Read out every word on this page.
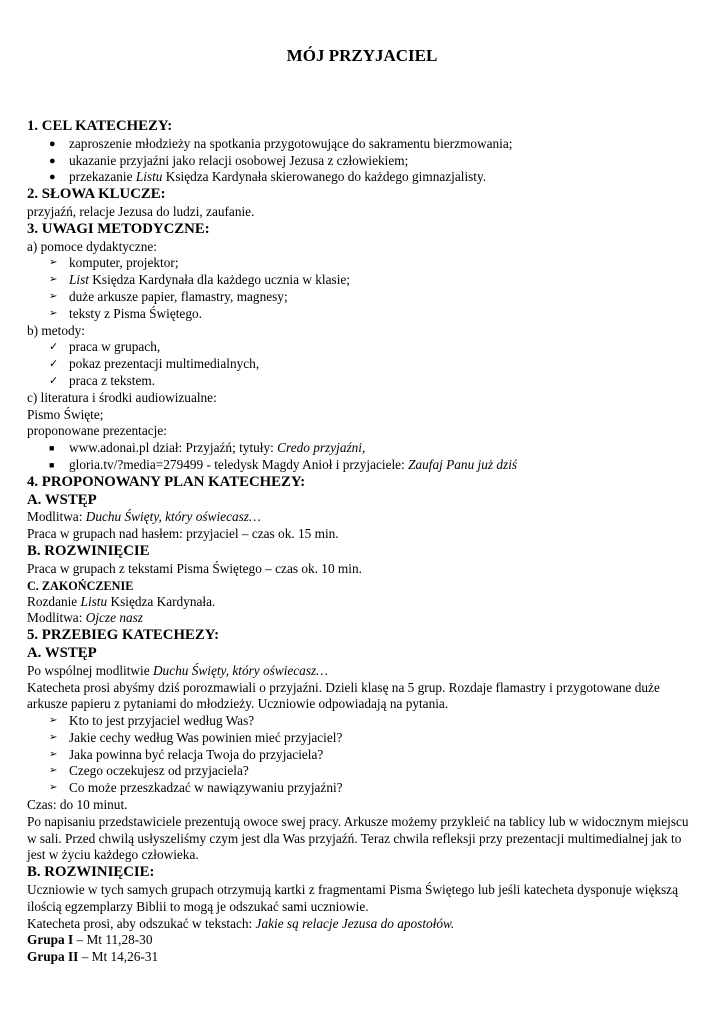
MÓJ PRZYJACIEL
1. CEL KATECHEZY:
●	zaproszenie młodzieży na spotkania przygotowujące do sakramentu bierzmowania;
●	ukazanie przyjaźni jako relacji osobowej Jezusa z człowiekiem;
●	przekazanie Listu Księdza Kardynała skierowanego do każdego gimnazjalisty.
2. SŁOWA KLUCZE:
przyjaźń, relacje Jezusa do ludzi, zaufanie.
3. UWAGI METODYCZNE:
a) pomoce dydaktyczne:
➢ komputer, projektor;
➢ List Księdza Kardynała dla każdego ucznia w klasie;
➢ duże arkusze papier, flamastry, magnesy;
➢ teksty z Pisma Świętego.
b) metody:
✓ praca w grupach,
✓ pokaz prezentacji multimedialnych,
✓ praca z tekstem.
c) literatura i środki audiowizualne:
Pismo Święte;
proponowane prezentacje:
■	www.adonai.pl dział: Przyjaźń; tytuły: Credo przyjaźni,
■	gloria.tv/?media=279499 - teledysk Magdy Anioł i przyjaciele: Zaufaj Panu już dziś
4. PROPONOWANY PLAN KATECHEZY:
A. WSTĘP
Modlitwa: Duchu Święty, który oświecasz…
Praca w grupach nad hasłem: przyjaciel – czas ok. 15 min.
B. ROZWINIĘCIE
Praca w grupach z tekstami Pisma Świętego – czas ok. 10 min.
C. ZAKOŃCZENIE
Rozdanie Listu Księdza Kardynała.
Modlitwa: Ojcze nasz
5. PRZEBIEG KATECHEZY:
A. WSTĘP
Po wspólnej modlitwie Duchu Święty, który oświecasz…
Katecheta prosi abyśmy dziś porozmawiali o przyjaźni. Dzieli klasę na 5 grup. Rozdaje flamastry i przygotowane duże arkusze papieru z pytaniami do młodzieży. Uczniowie odpowiadają na pytania.
➢ Kto to jest przyjaciel według Was?
➢ Jakie cechy według Was powinien mieć przyjaciel?
➢ Jaka powinna być relacja Twoja do przyjaciela?
➢ Czego oczekujesz od przyjaciela?
➢ Co może przeszkadzać w nawiązywaniu przyjaźni?
Czas: do 10 minut.
Po napisaniu przedstawiciele prezentują owoce swej pracy. Arkusze możemy przykleić na tablicy lub w widocznym miejscu w sali. Przed chwilą usłyszeliśmy czym jest dla Was przyjaźń. Teraz chwila refleksji przy prezentacji multimedialnej jak to jest w życiu każdego człowieka.
B. ROZWINIĘCIE:
Uczniowie w tych samych grupach otrzymują kartki z fragmentami Pisma Świętego lub jeśli katecheta dysponuje większą ilością egzemplarzy Biblii to mogą je odszukać sami uczniowie.
Katecheta prosi, aby odszukać w tekstach: Jakie są relacje Jezusa do apostołów.
Grupa I – Mt 11,28-30
Grupa II – Mt 14,26-31
